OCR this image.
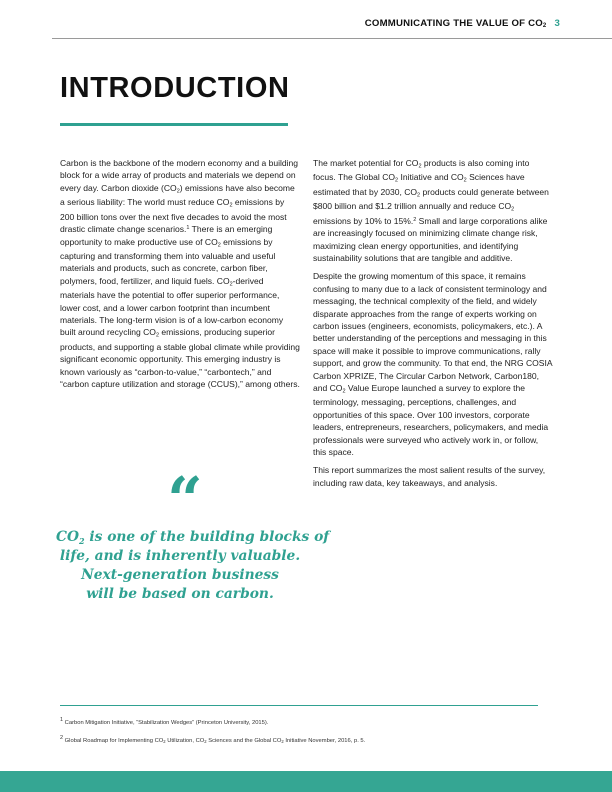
COMMUNICATING THE VALUE OF $CO_2$ 3
INTRODUCTION

Carbon is the backbone of the modern economy and a building block for a wide array of products and materials we depend on every day. Carbon dioxide $(CO_2)$ emissions have also become a serious liability: The world must reduce $CO_2$ emissions by 200 billion tons over the next five decades to avoid the most drastic climate change scenarios.$^1$ There is an emerging opportunity to make productive use of $CO_2$ emissions by capturing and transforming them into valuable and useful materials and products, such as concrete, carbon fiber, polymers, food, fertilizer, and liquid fuels. $CO_2$-derived materials have the potential to offer superior performance, lower cost, and a lower carbon footprint than incumbent materials. The long-term vision is of a low-carbon economy built around recycling $CO_2$ emissions, producing superior products, and supporting a stable global climate while providing significant economic opportunity. This emerging industry is known variously as “carbon-to-value,” “carbontech,” and “carbon capture utilization and storage (CCUS),” among others.

“
$CO_2$ is one of the building blocks of
life, and is inherently valuable.
Next-generation business
will be based on carbon.

The market potential for $CO_2$ products is also coming into focus. The Global $CO_2$ Initiative and $CO_2$ Sciences have estimated that by 2030, $CO_2$ products could generate between $800 billion and $1.2 trillion annually and reduce $CO_2$ emissions by 10% to 15%.$^2$ Small and large corporations alike are increasingly focused on minimizing climate change risk, maximizing clean energy opportunities, and identifying sustainability solutions that are tangible and additive.

Despite the growing momentum of this space, it remains confusing to many due to a lack of consistent terminology and messaging, the technical complexity of the field, and widely disparate approaches from the range of experts working on carbon issues (engineers, economists, policymakers, etc.). A better understanding of the perceptions and messaging in this space will make it possible to improve communications, rally support, and grow the community. To that end, the NRG COSIA Carbon XPRIZE, The Circular Carbon Network, Carbon180, and $CO_2$ Value Europe launched a survey to explore the terminology, messaging, perceptions, challenges, and opportunities of this space. Over 100 investors, corporate leaders, entrepreneurs, researchers, policymakers, and media professionals were surveyed who actively work in, or follow, this space.

This report summarizes the most salient results of the survey, including raw data, key takeaways, and analysis.

$^1$ Carbon Mitigation Initiative, “Stabilization Wedges” (Princeton University, 2015).
$^2$ Global Roadmap for Implementing $CO_2$ Utilization, $CO_2$ Sciences and the Global $CO_2$ Initiative November, 2016, p. 5.
